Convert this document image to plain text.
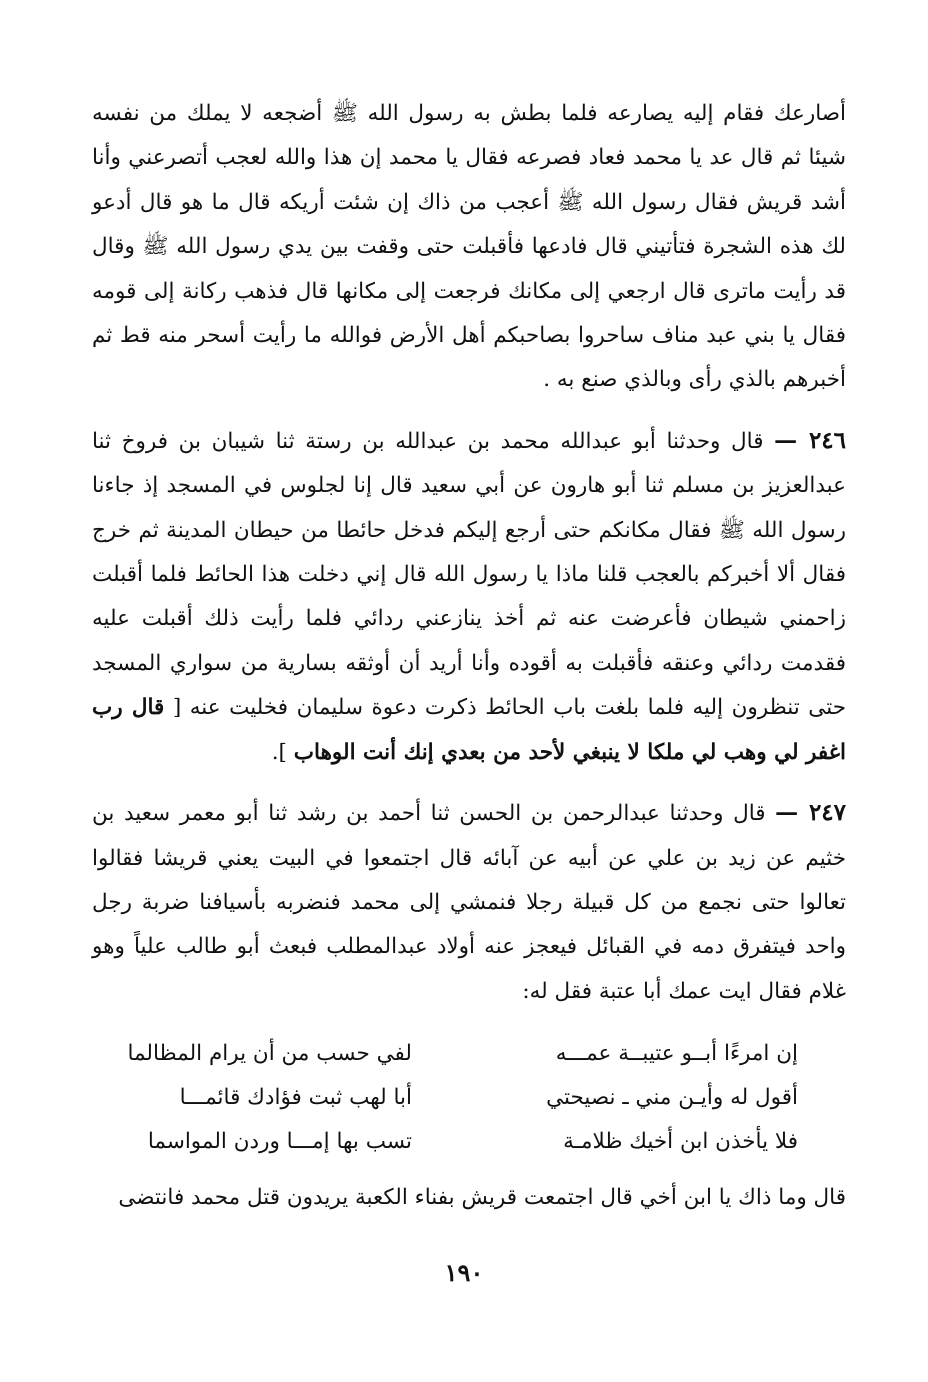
أصارعك فقام إليه يصارعه فلما بطش به رسول الله ﷺ أضجعه لا يملك من نفسه شيئا ثم قال عد يا محمد فعاد فصرعه فقال يا محمد إن هذا والله لعجب أتصرعني وأنا أشد قريش فقال رسول الله ﷺ أعجب من ذاك إن شئت أريكه قال ما هو قال أدعو لك هذه الشجرة فتأتيني قال فادعها فأقبلت حتى وقفت بين يدي رسول الله ﷺ وقال قد رأيت ماترى قال ارجعي إلى مكانك فرجعت إلى مكانها قال فذهب ركانة إلى قومه فقال يا بني عبد مناف ساحروا بصاحبكم أهل الأرض فوالله ما رأيت أسحر منه قط ثم أخبرهم بالذي رأى وبالذي صنع به .

٢٤٦ — قال وحدثنا أبو عبدالله محمد بن عبدالله بن رستة ثنا شيبان بن فروخ ثنا عبدالعزيز بن مسلم ثنا أبو هارون عن أبي سعيد قال إنا لجلوس في المسجد إذ جاءنا رسول الله ﷺ فقال مكانكم حتى أرجع إليكم فدخل حائطا من حيطان المدينة ثم خرج فقال ألا أخبركم بالعجب قلنا ماذا يا رسول الله قال إني دخلت هذا الحائط فلما أقبلت زاحمني شيطان فأعرضت عنه ثم أخذ ينازعني ردائي فلما رأيت ذلك أقبلت عليه فقدمت ردائي وعنقه فأقبلت به أقوده وأنا أريد أن أوثقه بسارية من سواري المسجد حتى تنظرون إليه فلما بلغت باب الحائط ذكرت دعوة سليمان فخليت عنه [ قال رب اغفر لي وهب لي ملكا لا ينبغي لأحد من بعدي إنك أنت الوهاب ].

٢٤٧ — قال وحدثنا عبدالرحمن بن الحسن ثنا أحمد بن رشد ثنا أبو معمر سعيد بن خثيم عن زيد بن علي عن أبيه عن آبائه قال اجتمعوا في البيت يعني قريشا فقالوا تعالوا حتى نجمع من كل قبيلة رجلا فنمشي إلى محمد فنضربه بأسيافنا ضربة رجل واحد فيتفرق دمه في القبائل فيعجز عنه أولاد عبدالمطلب فبعث أبو طالب علياً وهو غلام فقال ايت عمك أبا عتبة فقل له:

إن امرءًا أبــو عتيبــة عمـــه
لفي حسب من أن يرام المظالما
أقول له وأيـن مني ـ نصيحتي
أبا لهب ثبت فؤادك قائمـــا
فلا يأخذن ابن أخيك ظلامـة
تسب بها إمـــا وردن المواسما

قال وما ذاك يا ابن أخي قال اجتمعت قريش بفناء الكعبة يريدون قتل محمد فانتضى

١٩٠
